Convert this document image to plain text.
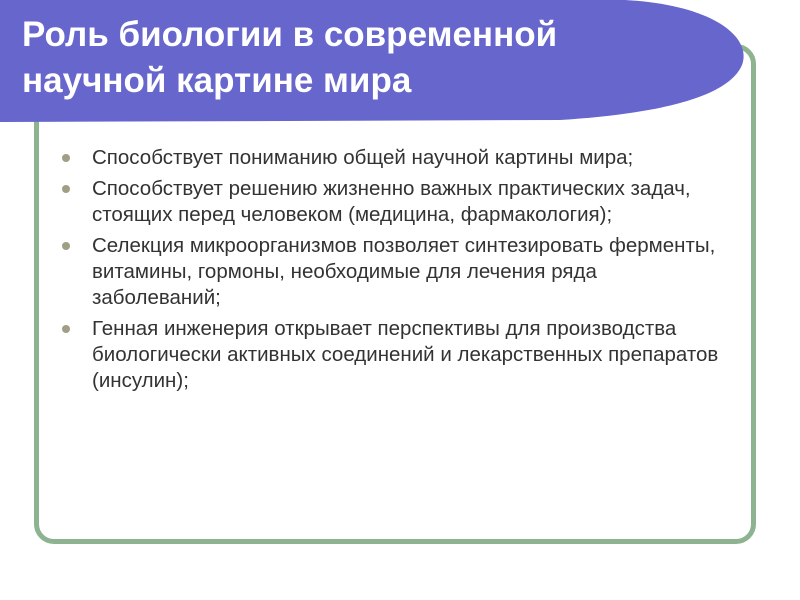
Роль биологии в современной
научной картине мира
Способствует пониманию общей научной картины мира;
Способствует решению жизненно важных практических задач, стоящих перед человеком (медицина, фармакология);
Селекция микроорганизмов позволяет синтезировать ферменты, витамины, гормоны, необходимые для лечения ряда заболеваний;
Генная инженерия открывает перспективы для производства биологически активных соединений и лекарственных препаратов (инсулин);
